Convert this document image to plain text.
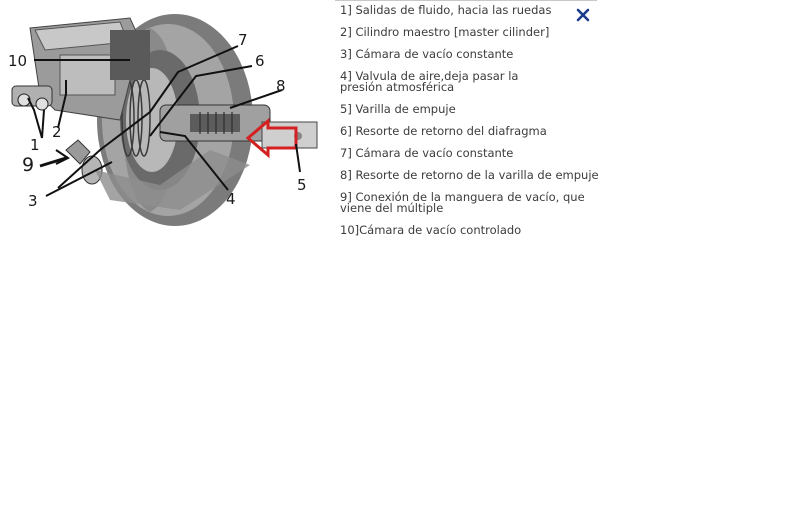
1
2
3	4
5
6
7
8
9
10
1] Salidas de fluido, hacia las ruedas
2] Cilindro maestro [master cilinder]
3] Cámara de vacío constante
4] Valvula de aire,deja pasar la presión atmosférica
5] Varilla de empuje
6] Resorte de retorno del diafragma
7] Cámara de vacío constante
8] Resorte de retorno de la varilla de empuje
9] Conexión de la manguera de vacío, que viene del múltiple
10]Cámara de vacío controlado
